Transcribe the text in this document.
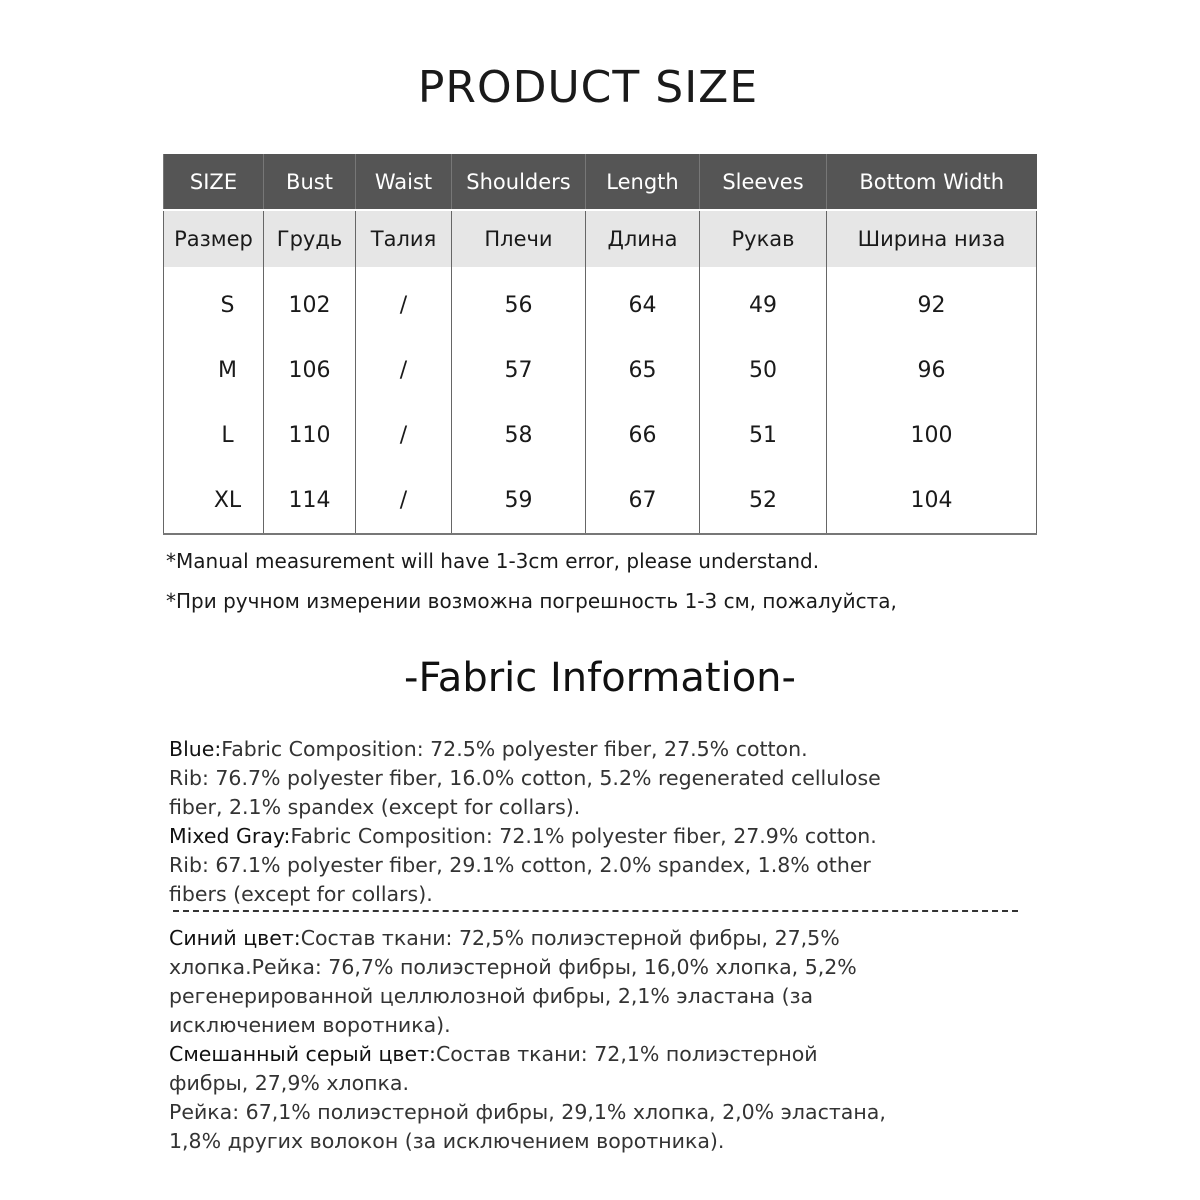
PRODUCT SIZE
SIZE	Bust	Waist	Shoulders	Length	Sleeves	Bottom Width
Размер	Грудь	Талия	Плечи	Длина	Рукав	Ширина низа
S	102	/	56	64	49	92
M	106	/	57	65	50	96
L	110	/	58	66	51	100
XL	114	/	59	67	52	104
*Manual measurement will have 1-3cm error, please understand.
*При ручном измерении возможна погрешность 1-3 см, пожалуйста,
-Fabric Information-
Blue:Fabric Composition: 72.5% polyester fiber, 27.5% cotton.
Rib: 76.7% polyester fiber, 16.0% cotton, 5.2% regenerated cellulose
fiber, 2.1% spandex (except for collars).
Mixed Gray:Fabric Composition: 72.1% polyester fiber, 27.9% cotton.
Rib: 67.1% polyester fiber, 29.1% cotton, 2.0% spandex, 1.8% other
fibers (except for collars).
Синий цвет:Состав ткани: 72,5% полиэстерной фибры, 27,5%
хлопка.Рейка: 76,7% полиэстерной фибры, 16,0% хлопка, 5,2%
регенерированной целлюлозной фибры, 2,1% эластана (за
исключением воротника).
Смешанный серый цвет:Состав ткани: 72,1% полиэстерной
фибры, 27,9% хлопка.
Рейка: 67,1% полиэстерной фибры, 29,1% хлопка, 2,0% эластана,
1,8% других волокон (за исключением воротника).
